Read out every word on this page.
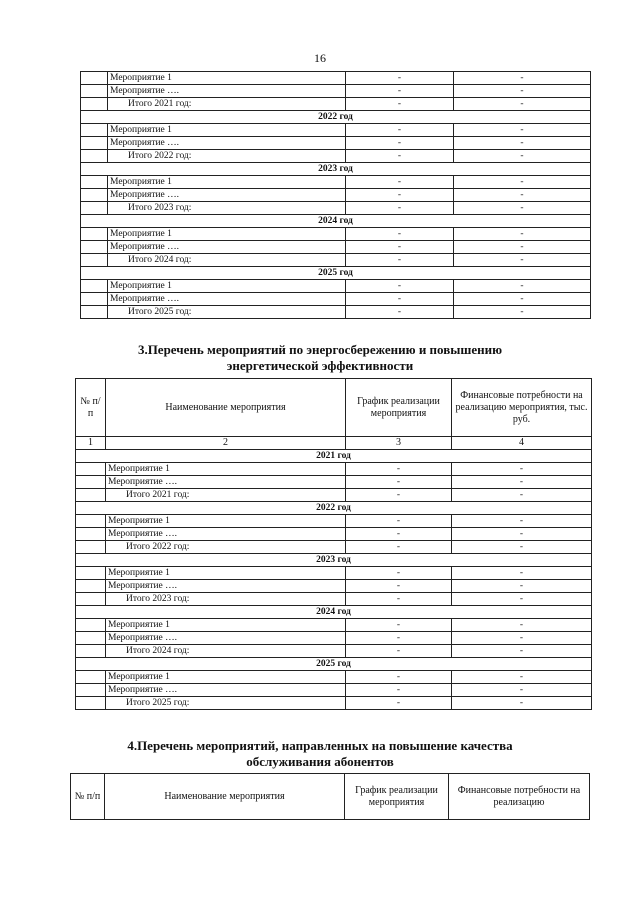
16
	Мероприятие 1	-	-
	Мероприятие ….	-	-
	Итого 2021 год:	-	-
2022 год			
	Мероприятие 1	-	-
	Мероприятие ….	-	-
	Итого 2022 год:	-	-
2023 год			
	Мероприятие 1	-	-
	Мероприятие ….	-	-
	Итого 2023 год:	-	-
2024 год			
	Мероприятие 1	-	-
	Мероприятие ….	-	-
	Итого 2024 год:	-	-
2025 год			
	Мероприятие 1	-	-
	Мероприятие ….	-	-
	Итого 2025 год:	-	-
3.Перечень мероприятий по энергосбережению и повышению
энергетической эффективности
№ п/п	Наименование мероприятия	График реализации мероприятия	Финансовые потребности на реализацию мероприятия, тыс. руб.
1	2	3	4
2021 год			
	Мероприятие 1	-	-
	Мероприятие ….	-	-
	Итого 2021 год:	-	-
2022 год			
	Мероприятие 1	-	-
	Мероприятие ….	-	-
	Итого 2022 год:	-	-
2023 год			
	Мероприятие 1	-	-
	Мероприятие ….	-	-
	Итого 2023 год:	-	-
2024 год			
	Мероприятие 1	-	-
	Мероприятие ….	-	-
	Итого 2024 год:	-	-
2025 год			
	Мероприятие 1	-	-
	Мероприятие ….	-	-
	Итого 2025 год:	-	-
4.Перечень мероприятий, направленных на повышение качества
обслуживания абонентов
№ п/п	Наименование мероприятия	График реализации мероприятия	Финансовые потребности на реализацию
